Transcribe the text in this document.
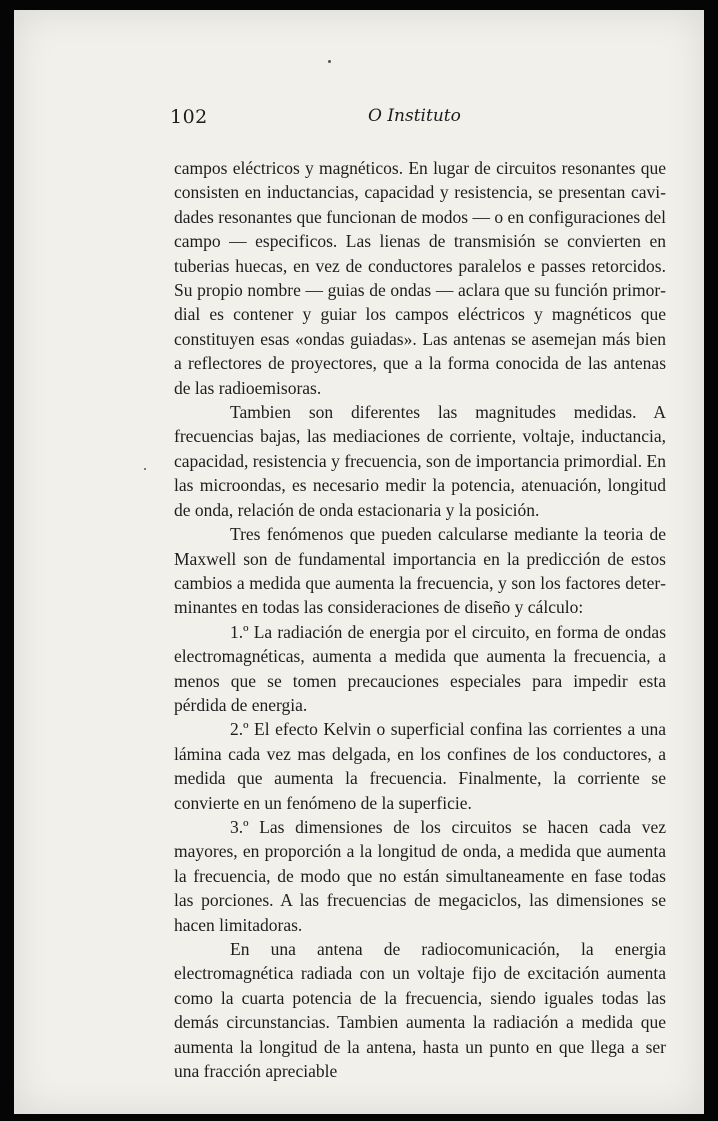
102	O Instituto

campos eléctricos y magnéticos. En lugar de circuitos resonantes que consisten en inductancias, capacidad y resistencia, se presentan cavidades resonantes que funcionan de modos — o en configuraciones del campo — especificos. Las lienas de transmisión se convierten en tuberias huecas, en vez de conductores paralelos e passes retorcidos. Su propio nombre — guias de ondas — aclara que su función primordial es contener y guiar los campos eléctricos y magnéticos que constituyen esas «ondas guiadas». Las antenas se asemejan más bien a reflectores de proyectores, que a la forma conocida de las antenas de las radioemisoras.

Tambien son diferentes las magnitudes medidas. A frecuencias bajas, las mediaciones de corriente, voltaje, inductancia, capacidad, resistencia y frecuencia, son de importancia primordial. En las microondas, es necesario medir la potencia, atenuación, longitud de onda, relación de onda estacionaria y la posición.

Tres fenómenos que pueden calcularse mediante la teoria de Maxwell son de fundamental importancia en la predicción de estos cambios a medida que aumenta la frecuencia, y son los factores determinantes en todas las consideraciones de diseño y cálculo:

1.º La radiación de energia por el circuito, en forma de ondas electromagnéticas, aumenta a medida que aumenta la frecuencia, a menos que se tomen precauciones especiales para impedir esta pérdida de energia.

2.º El efecto Kelvin o superficial confina las corrientes a una lámina cada vez mas delgada, en los confines de los conductores, a medida que aumenta la frecuencia. Finalmente, la corriente se convierte en un fenómeno de la superficie.

3.º Las dimensiones de los circuitos se hacen cada vez mayores, en proporción a la longitud de onda, a medida que aumenta la frecuencia, de modo que no están simultaneamente en fase todas las porciones. A las frecuencias de megaciclos, las dimensiones se hacen limitadoras.

En una antena de radiocomunicación, la energia electromagnética radiada con un voltaje fijo de excitación aumenta como la cuarta potencia de la frecuencia, siendo iguales todas las demás circunstancias. Tambien aumenta la radiación a medida que aumenta la longitud de la antena, hasta un punto en que llega a ser una fracción apreciable
